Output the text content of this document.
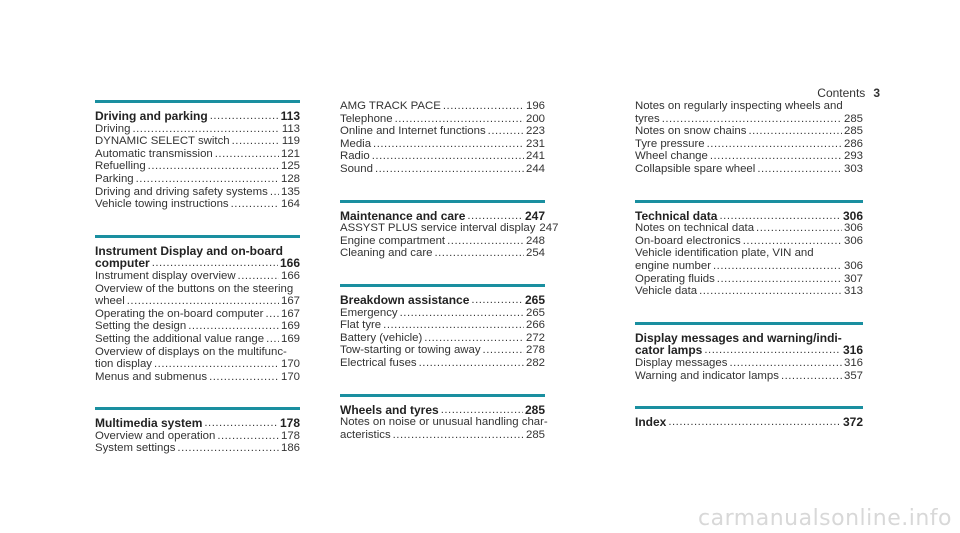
Contents 3
Driving and parking .....	113
Driving .....	113
DYNAMIC SELECT switch .....	119
Automatic transmission .....	121
Refuelling .....	125
Parking .....	128
Driving and driving safety systems ..... 135
Vehicle towing instructions .....	164
Instrument Display and on-board
computer .....	166
Instrument display overview .....	166
Overview of the buttons on the steering
wheel .....	167
Operating the on-board computer ..... 167
Setting the design .....	169
Setting the additional value range ..... 169
Overview of displays on the multifunc-
tion display .....	170
Menus and submenus .....	170
Multimedia system .....	178
Overview and operation .....	178
System settings .....	186
AMG TRACK PACE .....	196
Telephone .....	200
Online and Internet functions .....	223
Media .....	231
Radio .....	241
Sound .....	244
Maintenance and care .....	247
ASSYST PLUS service interval display 247
Engine compartment .....	248
Cleaning and care .....	254
Breakdown assistance .....	265
Emergency .....	265
Flat tyre .....	266
Battery (vehicle) .....	272
Tow-starting or towing away .....	278
Electrical fuses .....	282
Wheels and tyres .....	285
Notes on noise or unusual handling char-
acteristics .....	285
Notes on regularly inspecting wheels and
tyres .....	285
Notes on snow chains .....	285
Tyre pressure .....	286
Wheel change .....	293
Collapsible spare wheel .....	303
Technical data .....	306
Notes on technical data .....	306
On-board electronics .....	306
Vehicle identification plate, VIN and
engine number .....	306
Operating fluids .....	307
Vehicle data .....	313
Display messages and warning/indi-
cator lamps .....	316
Display messages .....	316
Warning and indicator lamps .....	357
Index .....	372
carmanualsonline.info
